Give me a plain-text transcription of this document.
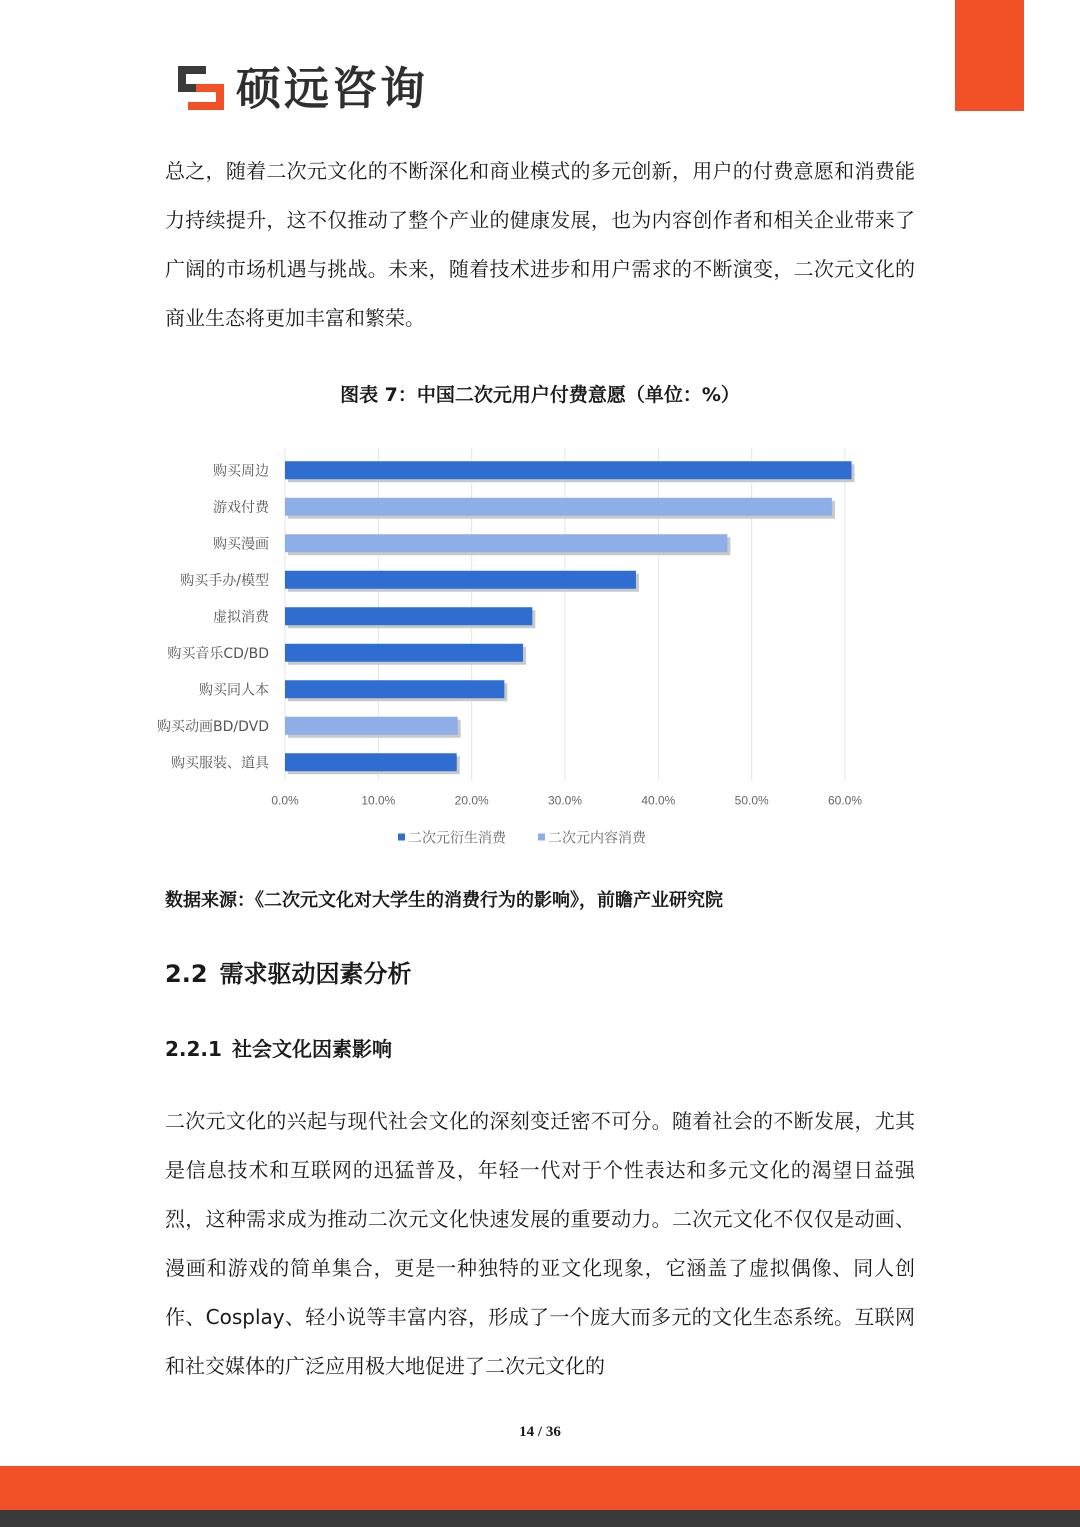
硕远咨询

总之，随着二次元文化的不断深化和商业模式的多元创新，用户的付费意愿和消费能力持续提升，这不仅推动了整个产业的健康发展，也为内容创作者和相关企业带来了广阔的市场机遇与挑战。未来，随着技术进步和用户需求的不断演变，二次元文化的商业生态将更加丰富和繁荣。

图表 7：中国二次元用户付费意愿（单位：%）
0.0%	10.0%	20.0%	30.0%	40.0%	50.0%	60.0%
购买周边
游戏付费
购买漫画
购买手办/模型
虚拟消费
购买音乐CD/BD
购买同人本
购买动画BD/DVD
购买服装、道具
二次元衍生消费	二次元内容消费
数据来源：《二次元文化对大学生的消费行为的影响》，前瞻产业研究院
2.2 需求驱动因素分析
2.2.1 社会文化因素影响

二次元文化的兴起与现代社会文化的深刻变迁密不可分。随着社会的不断发展，尤其是信息技术和互联网的迅猛普及，年轻一代对于个性表达和多元文化的渴望日益强烈，这种需求成为推动二次元文化快速发展的重要动力。二次元文化不仅仅是动画、漫画和游戏的简单集合，更是一种独特的亚文化现象，它涵盖了虚拟偶像、同人创作、Cosplay、轻小说等丰富内容，形成了一个庞大而多元的文化生态系统。互联网和社交媒体的广泛应用极大地促进了二次元文化的

14 / 36
